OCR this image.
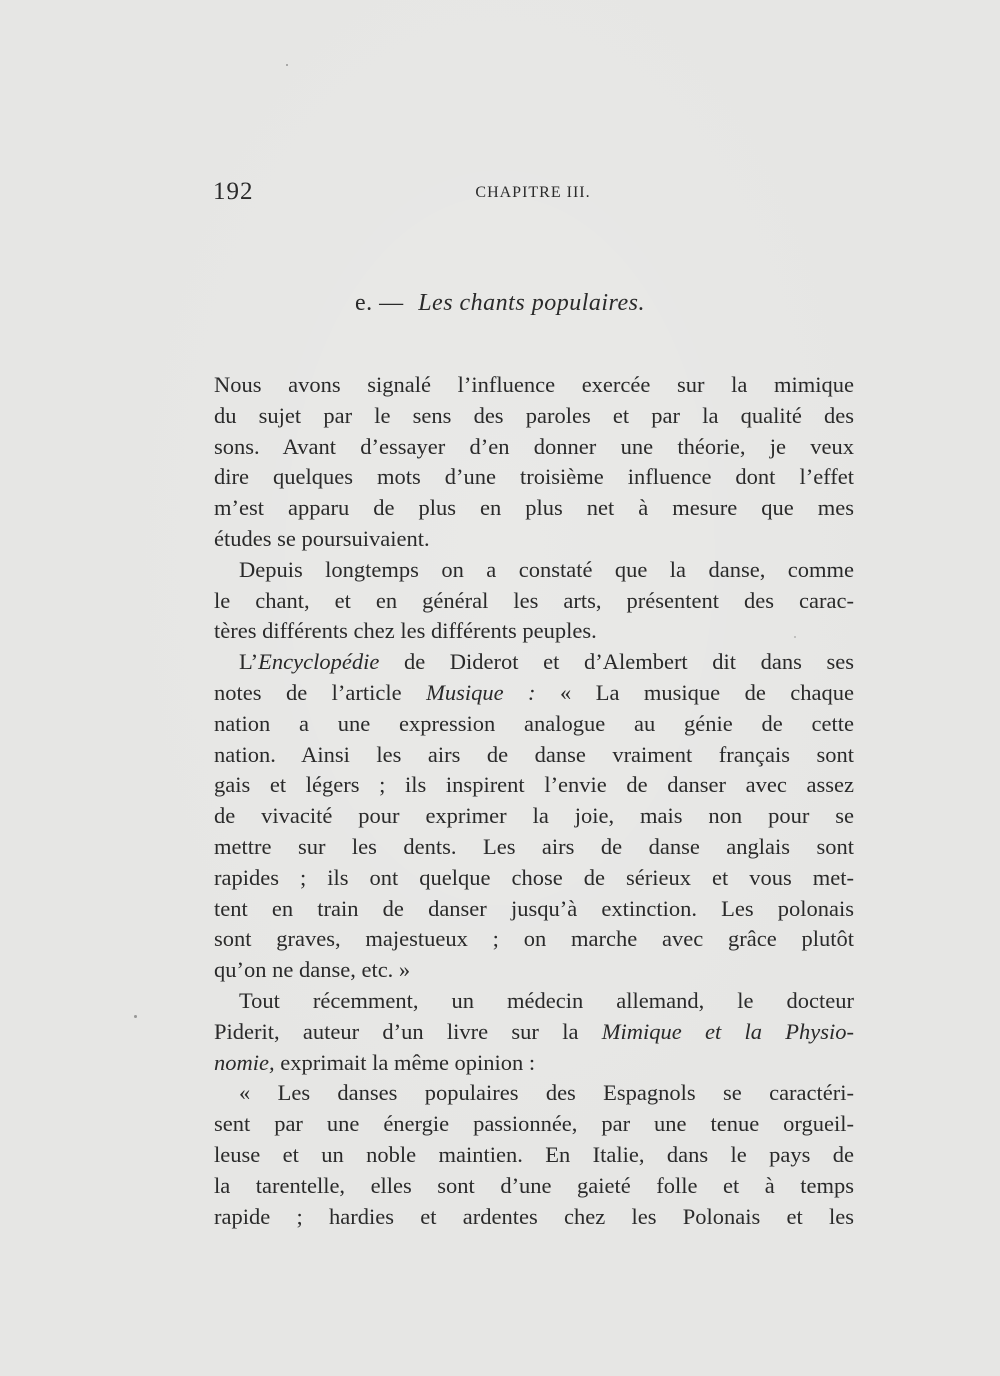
192	CHAPITRE III.
e. — Les chants populaires.
Nous avons signalé l’influence exercée sur la mimique
du sujet par le sens des paroles et par la qualité des
sons. Avant d’essayer d’en donner une théorie, je veux
dire quelques mots d’une troisième influence dont l’effet
m’est apparu de plus en plus net à mesure que mes
études se poursuivaient.
Depuis longtemps on a constaté que la danse, comme
le chant, et en général les arts, présentent des carac-
tères différents chez les différents peuples.
L’Encyclopédie de Diderot et d’Alembert dit dans ses
notes de l’article Musique : « La musique de chaque
nation a une expression analogue au génie de cette
nation. Ainsi les airs de danse vraiment français sont
gais et légers ; ils inspirent l’envie de danser avec assez
de vivacité pour exprimer la joie, mais non pour se
mettre sur les dents. Les airs de danse anglais sont
rapides ; ils ont quelque chose de sérieux et vous met-
tent en train de danser jusqu’à extinction. Les polonais
sont graves, majestueux ; on marche avec grâce plutôt
qu’on ne danse, etc. »
Tout récemment, un médecin allemand, le docteur
Piderit, auteur d’un livre sur la Mimique et la Physio-
nomie, exprimait la même opinion :
« Les danses populaires des Espagnols se caractéri-
sent par une énergie passionnée, par une tenue orgueil-
leuse et un noble maintien. En Italie, dans le pays de
la tarentelle, elles sont d’une gaieté folle et à temps
rapide ; hardies et ardentes chez les Polonais et les
